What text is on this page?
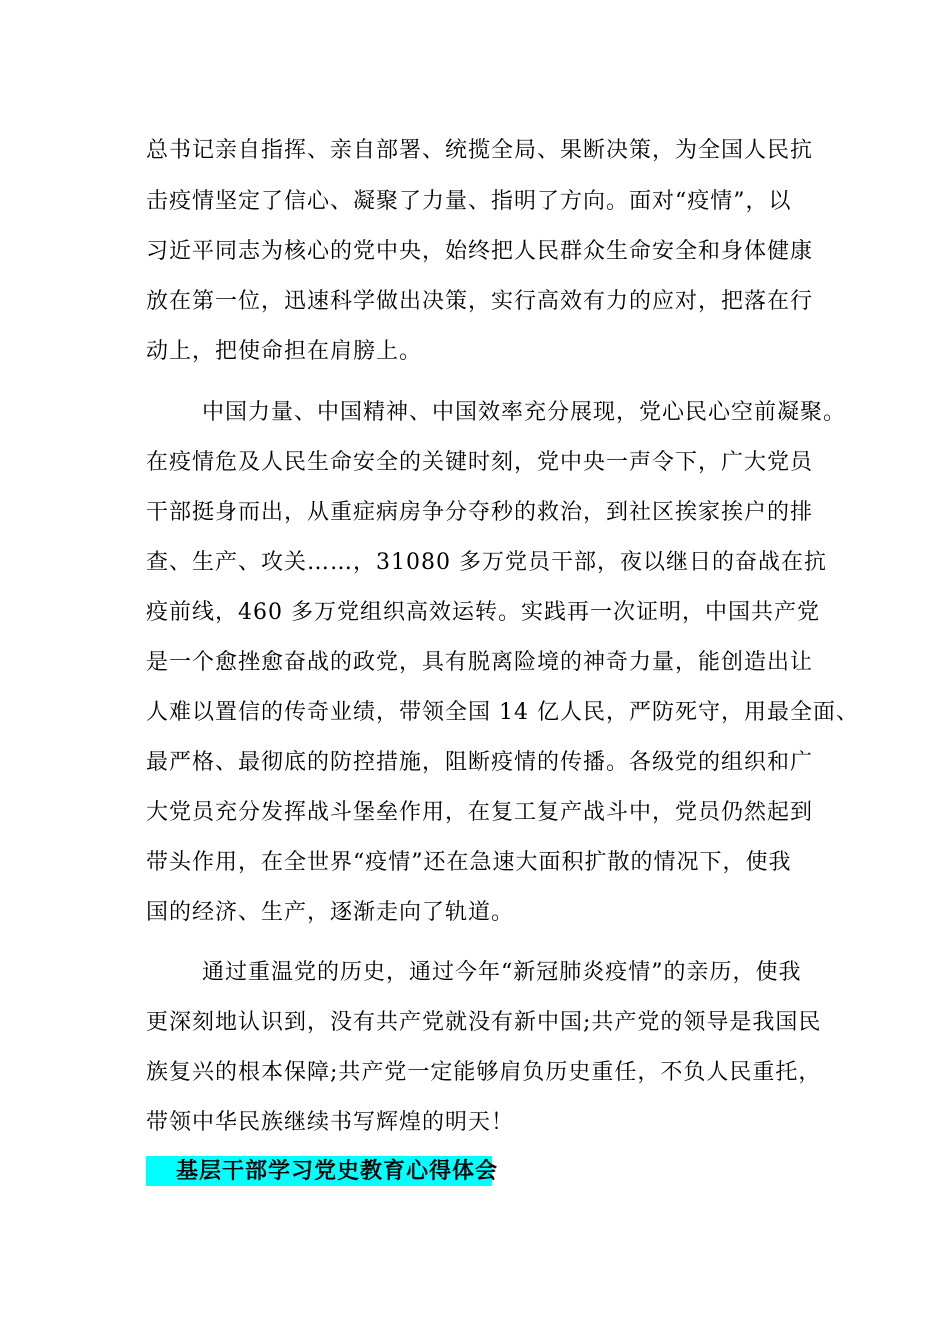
总书记亲自指挥、亲自部署、统揽全局、果断决策，为全国人民抗
击疫情坚定了信心、凝聚了力量、指明了方向。面对“疫情”，以
习近平同志为核心的党中央，始终把人民群众生命安全和身体健康
放在第一位，迅速科学做出决策，实行高效有力的应对，把落在行
动上，把使命担在肩膀上。
中国力量、中国精神、中国效率充分展现，党心民心空前凝聚。
在疫情危及人民生命安全的关键时刻，党中央一声令下，广大党员
干部挺身而出，从重症病房争分夺秒的救治，到社区挨家挨户的排
查、生产、攻关……，31080 多万党员干部，夜以继日的奋战在抗
疫前线，460 多万党组织高效运转。实践再一次证明，中国共产党
是一个愈挫愈奋战的政党，具有脱离险境的神奇力量，能创造出让
人难以置信的传奇业绩，带领全国 14 亿人民，严防死守，用最全面、
最严格、最彻底的防控措施，阻断疫情的传播。各级党的组织和广
大党员充分发挥战斗堡垒作用，在复工复产战斗中，党员仍然起到
带头作用，在全世界“疫情”还在急速大面积扩散的情况下，使我
国的经济、生产，逐渐走向了轨道。
通过重温党的历史，通过今年“新冠肺炎疫情”的亲历，使我
更深刻地认识到，没有共产党就没有新中国;共产党的领导是我国民
族复兴的根本保障;共产党一定能够肩负历史重任，不负人民重托，
带领中华民族继续书写辉煌的明天！
基层干部学习党史教育心得体会
